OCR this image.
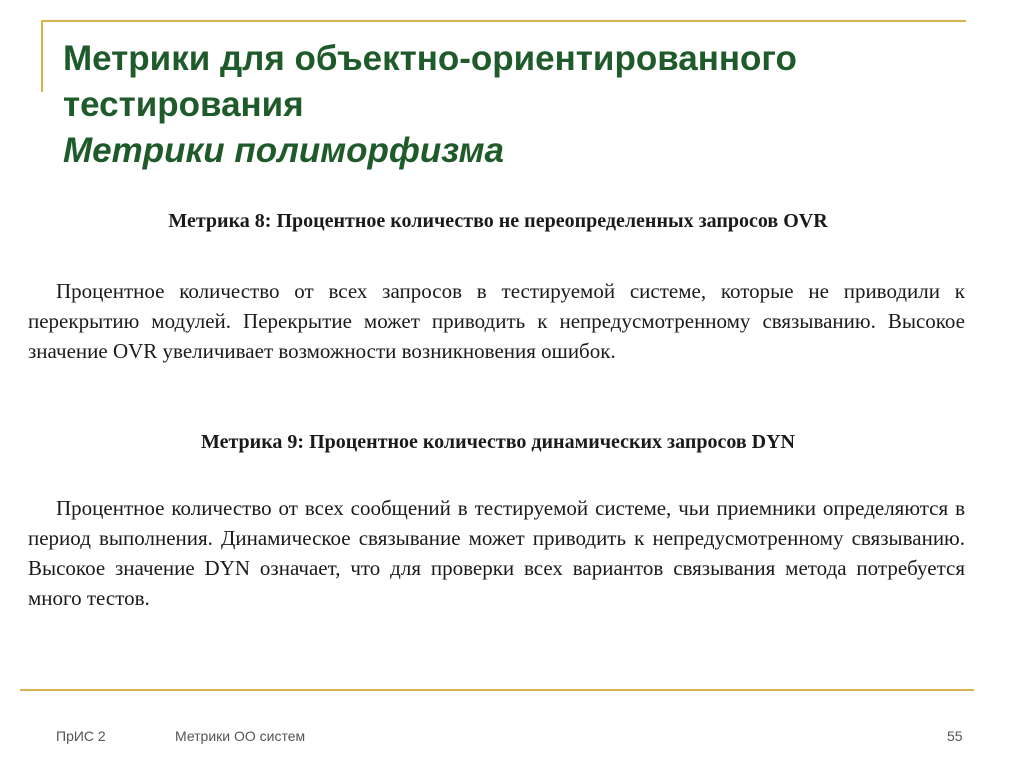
Метрики для объектно-ориентированного
тестирования
Метрики полиморфизма

Метрика 8: Процентное количество не переопределенных запросов OVR

Процентное количество от всех запросов в тестируемой системе, которые не приводили к перекрытию модулей. Перекрытие может приводить к непредусмотренному связыванию. Высокое значение OVR увеличивает возможности возникновения ошибок.

Метрика 9: Процентное количество динамических запросов DYN

Процентное количество от всех сообщений в тестируемой системе, чьи приемники определяются в период выполнения. Динамическое связывание может приводить к непредусмотренному связыванию. Высокое значение DYN означает, что для проверки всех вариантов связывания метода потребуется много тестов.

ПрИС 2	Метрики ОО систем	55
